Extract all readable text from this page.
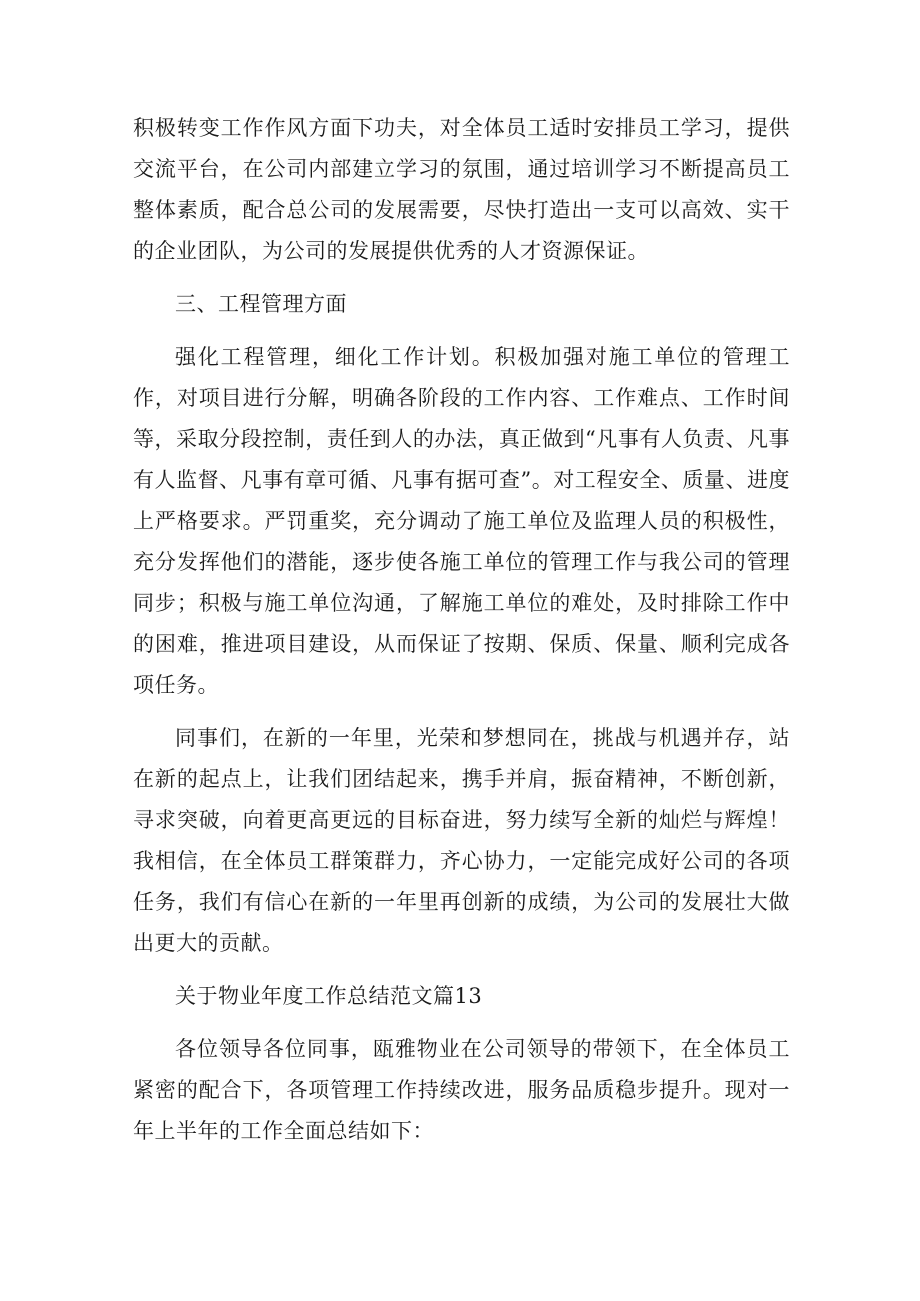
积极转变工作作风方面下功夫，对全体员工适时安排员工学习，提供交流平台，在公司内部建立学习的氛围，通过培训学习不断提高员工整体素质，配合总公司的发展需要，尽快打造出一支可以高效、实干的企业团队，为公司的发展提供优秀的人才资源保证。

三、工程管理方面

强化工程管理，细化工作计划。积极加强对施工单位的管理工作，对项目进行分解，明确各阶段的工作内容、工作难点、工作时间等，采取分段控制，责任到人的办法，真正做到“凡事有人负责、凡事有人监督、凡事有章可循、凡事有据可查”。对工程安全、质量、进度上严格要求。严罚重奖，充分调动了施工单位及监理人员的积极性，充分发挥他们的潜能，逐步使各施工单位的管理工作与我公司的管理同步；积极与施工单位沟通，了解施工单位的难处，及时排除工作中的困难，推进项目建设，从而保证了按期、保质、保量、顺利完成各项任务。

同事们，在新的一年里，光荣和梦想同在，挑战与机遇并存，站在新的起点上，让我们团结起来，携手并肩，振奋精神，不断创新，寻求突破，向着更高更远的目标奋进，努力续写全新的灿烂与辉煌！我相信，在全体员工群策群力，齐心协力，一定能完成好公司的各项任务，我们有信心在新的一年里再创新的成绩，为公司的发展壮大做出更大的贡献。

关于物业年度工作总结范文篇13

各位领导各位同事，瓯雅物业在公司领导的带领下，在全体员工紧密的配合下，各项管理工作持续改进，服务品质稳步提升。现对一年上半年的工作全面总结如下：
